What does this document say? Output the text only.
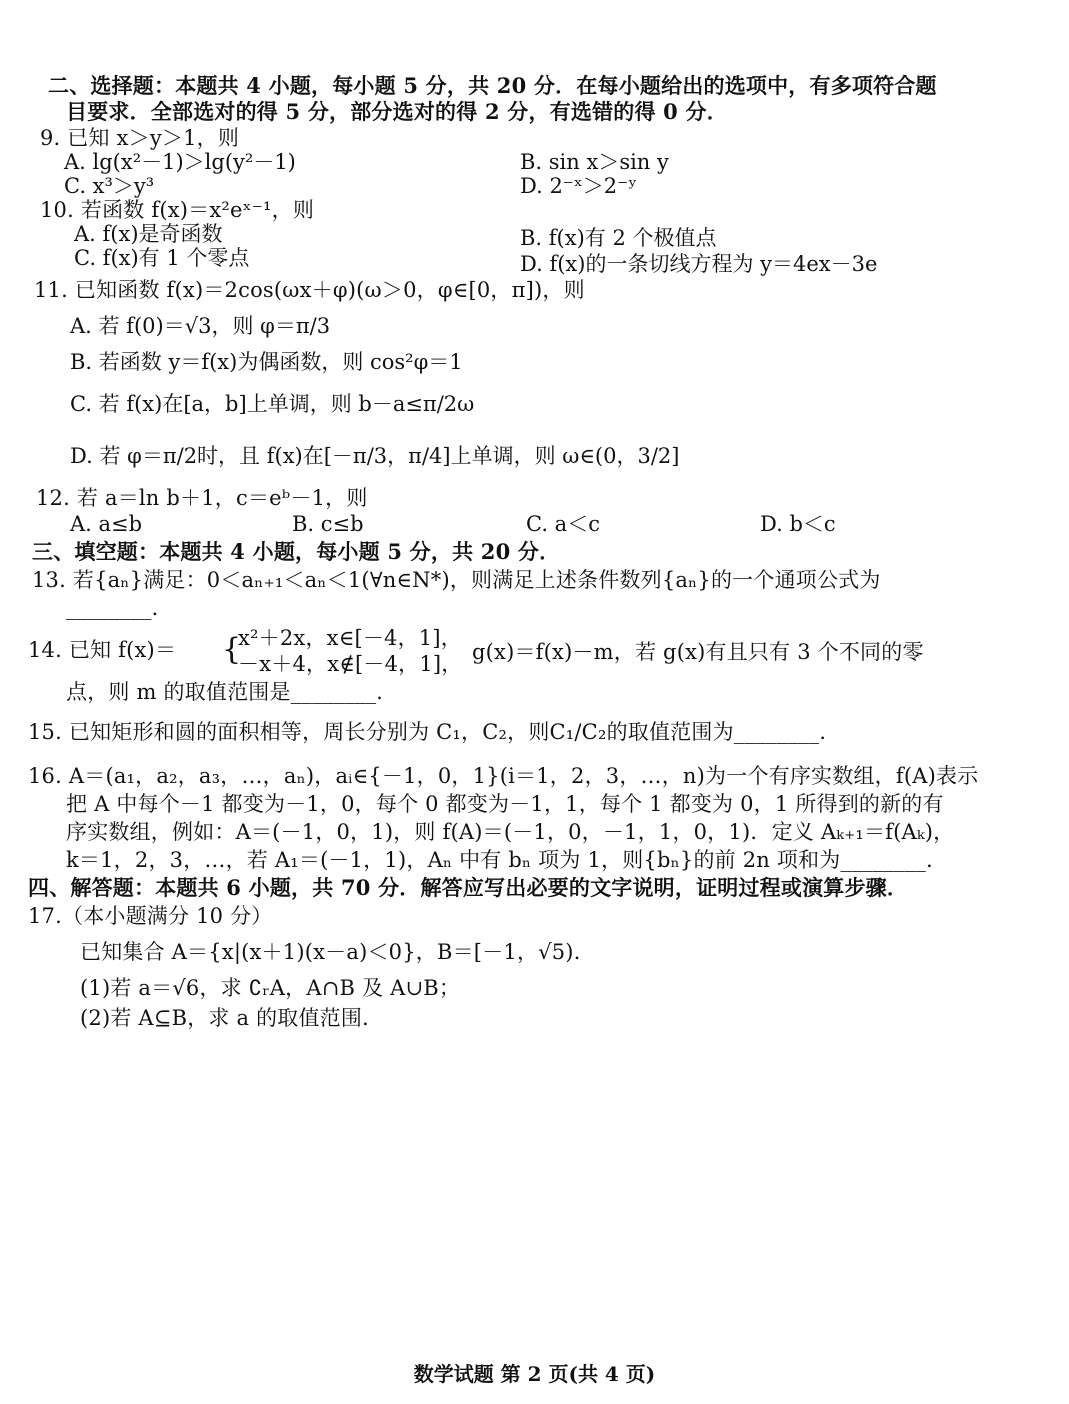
二、选择题：本题共 4 小题，每小题 5 分，共 20 分．在每小题给出的选项中，有多项符合题
目要求．全部选对的得 5 分，部分选对的得 2 分，有选错的得 0 分．
9. 已知 x＞y＞1，则
A. lg(x²－1)＞lg(y²－1)	B. sin x＞sin y
C. x³＞y³	D. 2⁻ˣ＞2⁻ʸ
10. 若函数 f(x)＝x²eˣ⁻¹，则
A. f(x)是奇函数	B. f(x)有 2 个极值点
C. f(x)有 1 个零点	D. f(x)的一条切线方程为 y＝4ex－3e
11. 已知函数 f(x)＝2cos(ωx＋φ)(ω＞0，φ∈[0，π])，则
A. 若 f(0)＝√3，则 φ＝π/3
B. 若函数 y＝f(x)为偶函数，则 cos²φ＝1
C. 若 f(x)在[a，b]上单调，则 b－a≤π/2ω
D. 若 φ＝π/2时，且 f(x)在[－π/3，π/4]上单调，则 ω∈(0，3/2]
12. 若 a＝ln b＋1，c＝eᵇ－1，则
A. a≤b	B. c≤b	C. a＜c	D. b＜c
三、填空题：本题共 4 小题，每小题 5 分，共 20 分．
13. 若{aₙ}满足：0＜aₙ₊₁＜aₙ＜1(∀n∈N*)，则满足上述条件数列{aₙ}的一个通项公式为
________．
14. 已知 f(x)＝ {
x²＋2x，x∈[－4，1]，
－x＋4，x∉[－4，1]， g(x)＝f(x)－m，若 g(x)有且只有 3 个不同的零
点，则 m 的取值范围是________．
15. 已知矩形和圆的面积相等，周长分别为 C₁，C₂，则C₁/C₂的取值范围为________．
16. A＝(a₁，a₂，a₃，…，aₙ)，aᵢ∈{－1，0，1}(i＝1，2，3，…，n)为一个有序实数组，f(A)表示
把 A 中每个－1 都变为－1，0，每个 0 都变为－1，1，每个 1 都变为 0，1 所得到的新的有
序实数组，例如：A＝(－1，0，1)，则 f(A)＝(－1，0，－1，1，0，1)．定义 Aₖ₊₁＝f(Aₖ)，
k＝1，2，3，…，若 A₁＝(－1，1)，Aₙ 中有 bₙ 项为 1，则{bₙ}的前 2n 项和为________．
四、解答题：本题共 6 小题，共 70 分．解答应写出必要的文字说明，证明过程或演算步骤．
17.（本小题满分 10 分）
已知集合 A＝{x|(x＋1)(x－a)＜0}，B＝[－1，√5)．
(1)若 a＝√6，求 ∁ᵣA，A∩B 及 A∪B；
(2)若 A⊆B，求 a 的取值范围．
数学试题 第 2 页(共 4 页)
